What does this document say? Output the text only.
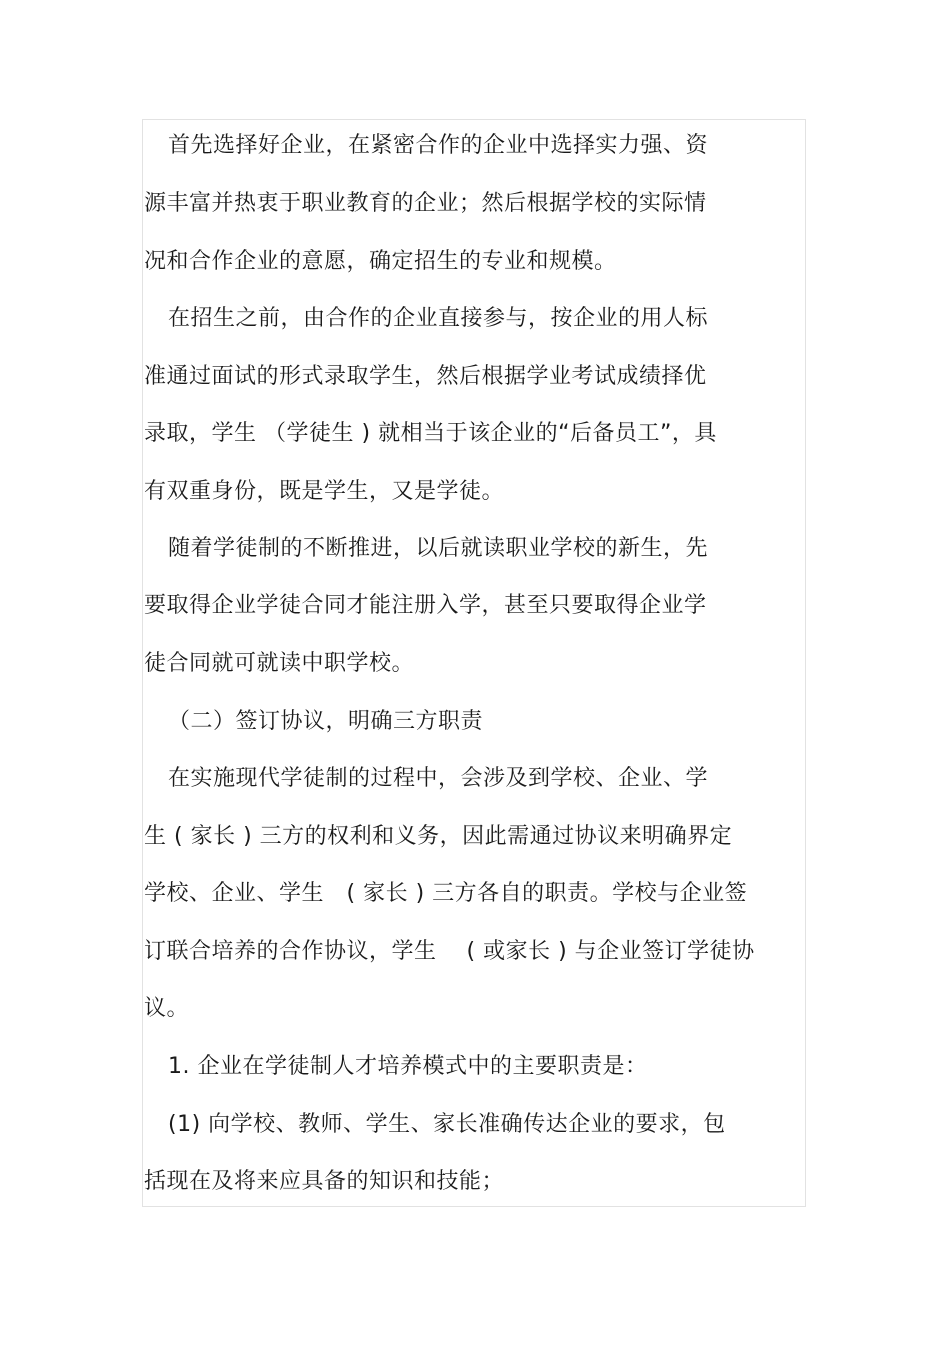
首先选择好企业，在紧密合作的企业中选择实力强、资
源丰富并热衷于职业教育的企业；然后根据学校的实际情
况和合作企业的意愿，确定招生的专业和规模。
在招生之前，由合作的企业直接参与，按企业的用人标
准通过面试的形式录取学生，然后根据学业考试成绩择优
录取，学生 （学徒生 ) 就相当于该企业的“后备员工”，具
有双重身份，既是学生，又是学徒。
随着学徒制的不断推进，以后就读职业学校的新生，先
要取得企业学徒合同才能注册入学，甚至只要取得企业学
徒合同就可就读中职学校。
（二）签订协议，明确三方职责
在实施现代学徒制的过程中，会涉及到学校、企业、学
生 ( 家长 ) 三方的权利和义务，因此需通过协议来明确界定
学校、企业、学生　( 家长 ) 三方各自的职责。学校与企业签
订联合培养的合作协议，学生　 ( 或家长 ) 与企业签订学徒协
议。
1. 企业在学徒制人才培养模式中的主要职责是：
(1) 向学校、教师、学生、家长准确传达企业的要求，包
括现在及将来应具备的知识和技能；
